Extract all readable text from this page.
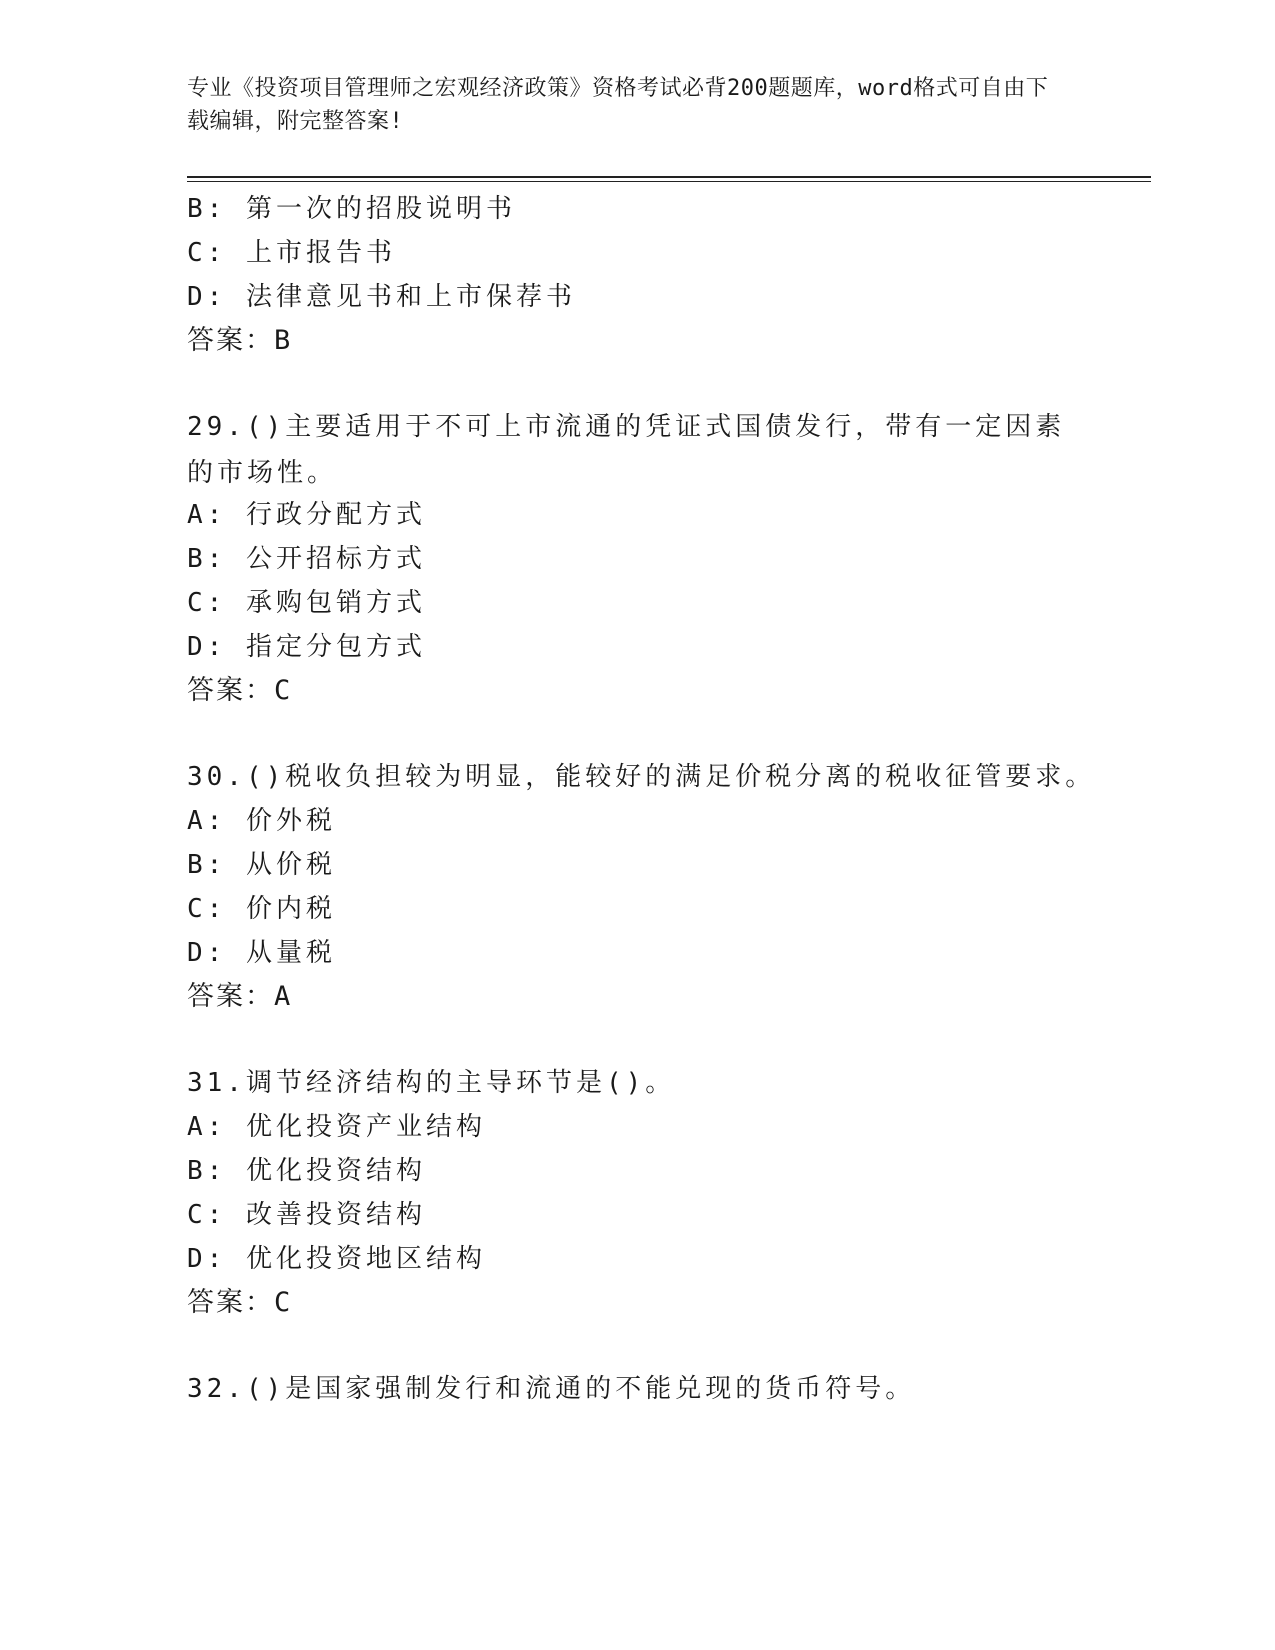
专业《投资项目管理师之宏观经济政策》资格考试必背200题题库，word格式可自由下载编辑，附完整答案!
B: 第一次的招股说明书
C: 上市报告书
D: 法律意见书和上市保荐书
答案：B
29.()主要适用于不可上市流通的凭证式国债发行，带有一定因素的市场性。
A: 行政分配方式
B: 公开招标方式
C: 承购包销方式
D: 指定分包方式
答案：C
30.()税收负担较为明显，能较好的满足价税分离的税收征管要求。
A: 价外税
B: 从价税
C: 价内税
D: 从量税
答案：A
31.调节经济结构的主导环节是()。
A: 优化投资产业结构
B: 优化投资结构
C: 改善投资结构
D: 优化投资地区结构
答案：C
32.()是国家强制发行和流通的不能兑现的货币符号。
